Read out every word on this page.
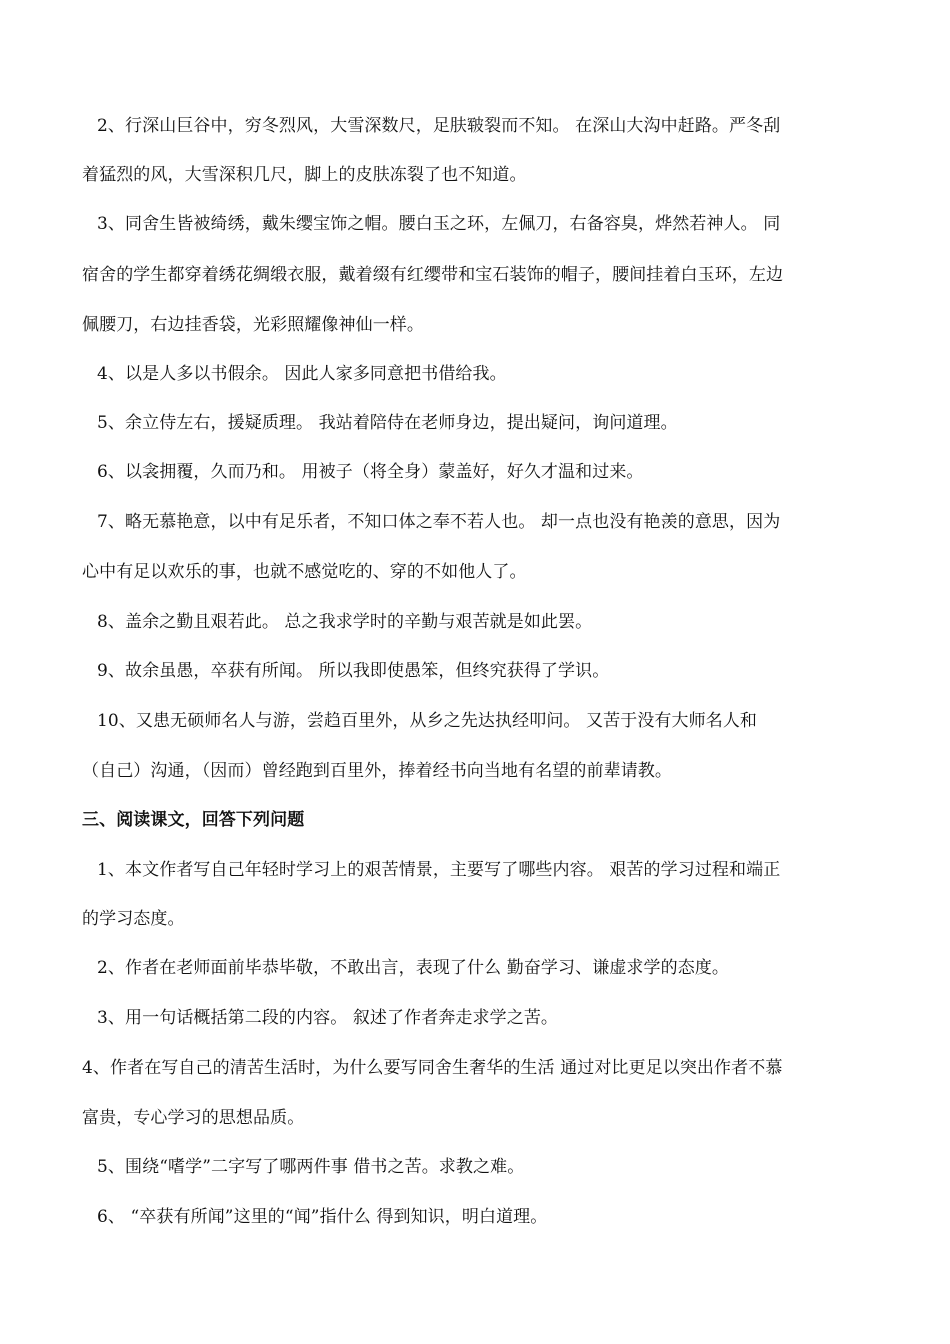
2、行深山巨谷中，穷冬烈风，大雪深数尺，足肤皲裂而不知。 在深山大沟中赶路。严冬刮
着猛烈的风，大雪深积几尺，脚上的皮肤冻裂了也不知道。
3、同舍生皆被绮绣，戴朱缨宝饰之帽。腰白玉之环，左佩刀，右备容臭，烨然若神人。 同
宿舍的学生都穿着绣花绸缎衣服，戴着缀有红缨带和宝石装饰的帽子，腰间挂着白玉环，左边
佩腰刀，右边挂香袋，光彩照耀像神仙一样。
4、以是人多以书假余。 因此人家多同意把书借给我。
5、余立侍左右，援疑质理。 我站着陪侍在老师身边，提出疑问，询问道理。
6、以衾拥覆，久而乃和。 用被子（将全身）蒙盖好，好久才温和过来。
7、略无慕艳意，以中有足乐者，不知口体之奉不若人也。 却一点也没有艳羡的意思，因为
心中有足以欢乐的事，也就不感觉吃的、穿的不如他人了。
8、盖余之勤且艰若此。 总之我求学时的辛勤与艰苦就是如此罢。
9、故余虽愚，卒获有所闻。 所以我即使愚笨，但终究获得了学识。
10、又患无硕师名人与游，尝趋百里外，从乡之先达执经叩问。 又苦于没有大师名人和
（自己）沟通，（因而）曾经跑到百里外，捧着经书向当地有名望的前辈请教。
三、阅读课文，回答下列问题
1、本文作者写自己年轻时学习上的艰苦情景，主要写了哪些内容。 艰苦的学习过程和端正
的学习态度。
2、作者在老师面前毕恭毕敬，不敢出言，表现了什么 勤奋学习、谦虚求学的态度。
3、用一句话概括第二段的内容。 叙述了作者奔走求学之苦。
4、作者在写自己的清苦生活时，为什么要写同舍生奢华的生活 通过对比更足以突出作者不慕
富贵，专心学习的思想品质。
5、围绕“嗜学”二字写了哪两件事 借书之苦。求教之难。
6、 “卒获有所闻”这里的“闻”指什么 得到知识，明白道理。
